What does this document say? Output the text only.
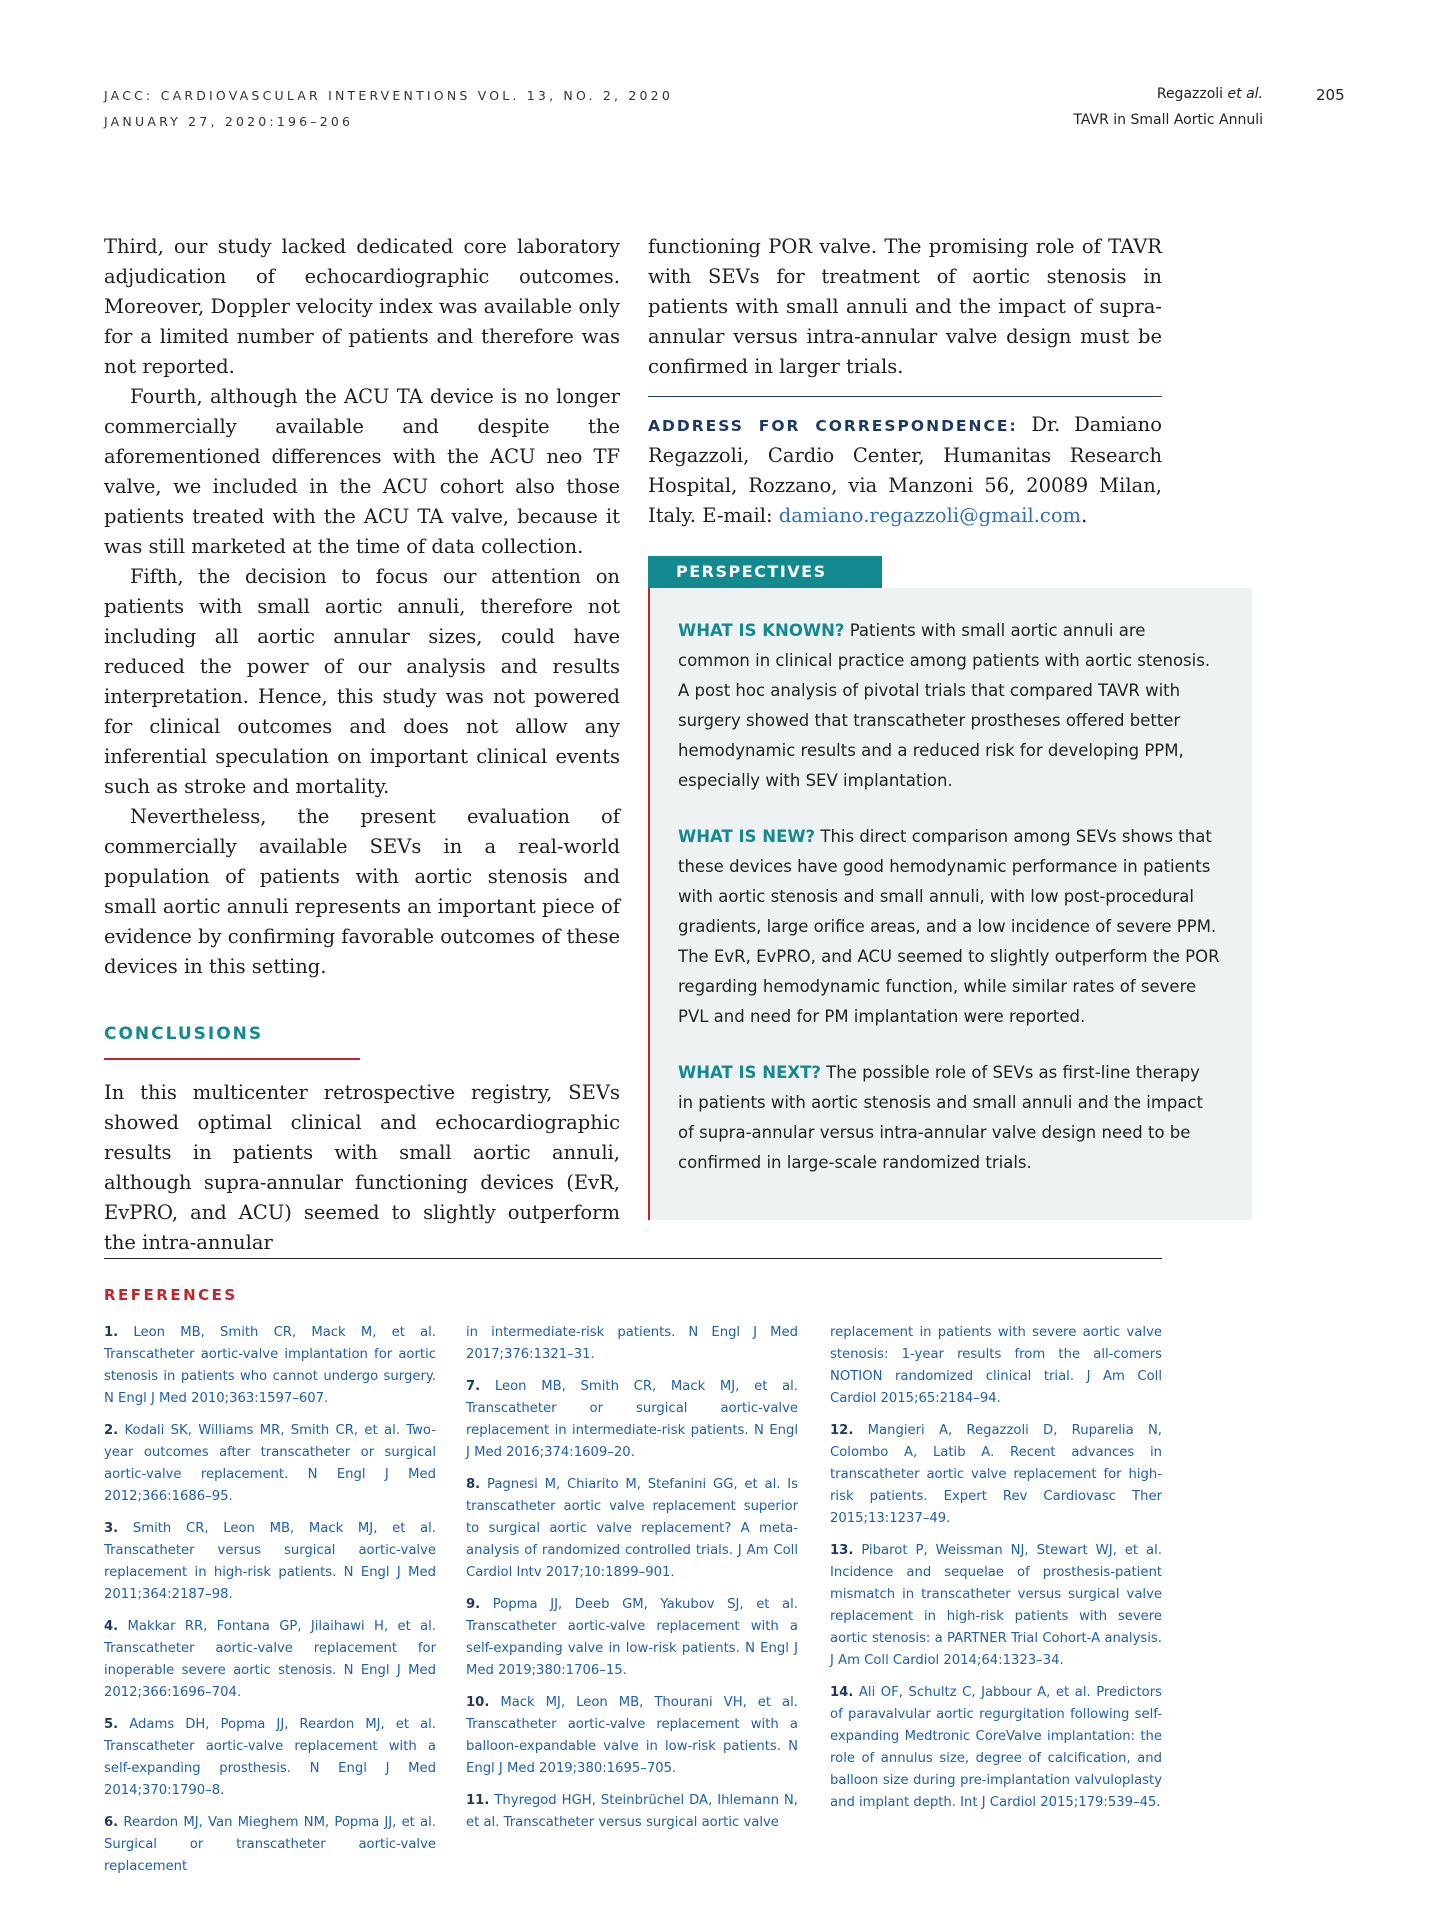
JACC: CARDIOVASCULAR INTERVENTIONS VOL. 13, NO. 2, 2020
JANUARY 27, 2020:196–206
Regazzoli et al.
TAVR in Small Aortic Annuli
205

Third, our study lacked dedicated core laboratory adjudication of echocardiographic outcomes. Moreover, Doppler velocity index was available only for a limited number of patients and therefore was not reported.

Fourth, although the ACU TA device is no longer commercially available and despite the aforementioned differences with the ACU neo TF valve, we included in the ACU cohort also those patients treated with the ACU TA valve, because it was still marketed at the time of data collection.

Fifth, the decision to focus our attention on patients with small aortic annuli, therefore not including all aortic annular sizes, could have reduced the power of our analysis and results interpretation. Hence, this study was not powered for clinical outcomes and does not allow any inferential speculation on important clinical events such as stroke and mortality.

Nevertheless, the present evaluation of commercially available SEVs in a real-world population of patients with aortic stenosis and small aortic annuli represents an important piece of evidence by confirming favorable outcomes of these devices in this setting.

CONCLUSIONS

In this multicenter retrospective registry, SEVs showed optimal clinical and echocardiographic results in patients with small aortic annuli, although supra-annular functioning devices (EvR, EvPRO, and ACU) seemed to slightly outperform the intra-annular

functioning POR valve. The promising role of TAVR with SEVs for treatment of aortic stenosis in patients with small annuli and the impact of supra-annular versus intra-annular valve design must be confirmed in larger trials.

ADDRESS FOR CORRESPONDENCE: Dr. Damiano Regazzoli, Cardio Center, Humanitas Research Hospital, Rozzano, via Manzoni 56, 20089 Milan, Italy. E-mail: damiano.regazzoli@gmail.com.
PERSPECTIVES

WHAT IS KNOWN? Patients with small aortic annuli are common in clinical practice among patients with aortic stenosis. A post hoc analysis of pivotal trials that compared TAVR with surgery showed that transcatheter prostheses offered better hemodynamic results and a reduced risk for developing PPM, especially with SEV implantation.

WHAT IS NEW? This direct comparison among SEVs shows that these devices have good hemodynamic performance in patients with aortic stenosis and small annuli, with low post-procedural gradients, large orifice areas, and a low incidence of severe PPM. The EvR, EvPRO, and ACU seemed to slightly outperform the POR regarding hemodynamic function, while similar rates of severe PVL and need for PM implantation were reported.

WHAT IS NEXT? The possible role of SEVs as first-line therapy in patients with aortic stenosis and small annuli and the impact of supra-annular versus intra-annular valve design need to be confirmed in large-scale randomized trials.

REFERENCES

1. Leon MB, Smith CR, Mack M, et al. Transcatheter aortic-valve implantation for aortic stenosis in patients who cannot undergo surgery. N Engl J Med 2010;363:1597–607.

2. Kodali SK, Williams MR, Smith CR, et al. Two-year outcomes after transcatheter or surgical aortic-valve replacement. N Engl J Med 2012;366:1686–95.

3. Smith CR, Leon MB, Mack MJ, et al. Transcatheter versus surgical aortic-valve replacement in high-risk patients. N Engl J Med 2011;364:2187–98.

4. Makkar RR, Fontana GP, Jilaihawi H, et al. Transcatheter aortic-valve replacement for inoperable severe aortic stenosis. N Engl J Med 2012;366:1696–704.

5. Adams DH, Popma JJ, Reardon MJ, et al. Transcatheter aortic-valve replacement with a self-expanding prosthesis. N Engl J Med 2014;370:1790–8.

6. Reardon MJ, Van Mieghem NM, Popma JJ, et al. Surgical or transcatheter aortic-valve replacement

in intermediate-risk patients. N Engl J Med 2017;376:1321–31.

7. Leon MB, Smith CR, Mack MJ, et al. Transcatheter or surgical aortic-valve replacement in intermediate-risk patients. N Engl J Med 2016;374:1609–20.

8. Pagnesi M, Chiarito M, Stefanini GG, et al. Is transcatheter aortic valve replacement superior to surgical aortic valve replacement? A meta-analysis of randomized controlled trials. J Am Coll Cardiol Intv 2017;10:1899–901.

9. Popma JJ, Deeb GM, Yakubov SJ, et al. Transcatheter aortic-valve replacement with a self-expanding valve in low-risk patients. N Engl J Med 2019;380:1706–15.

10. Mack MJ, Leon MB, Thourani VH, et al. Transcatheter aortic-valve replacement with a balloon-expandable valve in low-risk patients. N Engl J Med 2019;380:1695–705.

11. Thyregod HGH, Steinbrüchel DA, Ihlemann N, et al. Transcatheter versus surgical aortic valve

replacement in patients with severe aortic valve stenosis: 1-year results from the all-comers NOTION randomized clinical trial. J Am Coll Cardiol 2015;65:2184–94.

12. Mangieri A, Regazzoli D, Ruparelia N, Colombo A, Latib A. Recent advances in transcatheter aortic valve replacement for high-risk patients. Expert Rev Cardiovasc Ther 2015;13:1237–49.

13. Pibarot P, Weissman NJ, Stewart WJ, et al. Incidence and sequelae of prosthesis-patient mismatch in transcatheter versus surgical valve replacement in high-risk patients with severe aortic stenosis: a PARTNER Trial Cohort-A analysis. J Am Coll Cardiol 2014;64:1323–34.

14. Ali OF, Schultz C, Jabbour A, et al. Predictors of paravalvular aortic regurgitation following self-expanding Medtronic CoreValve implantation: the role of annulus size, degree of calcification, and balloon size during pre-implantation valvuloplasty and implant depth. Int J Cardiol 2015;179:539–45.
